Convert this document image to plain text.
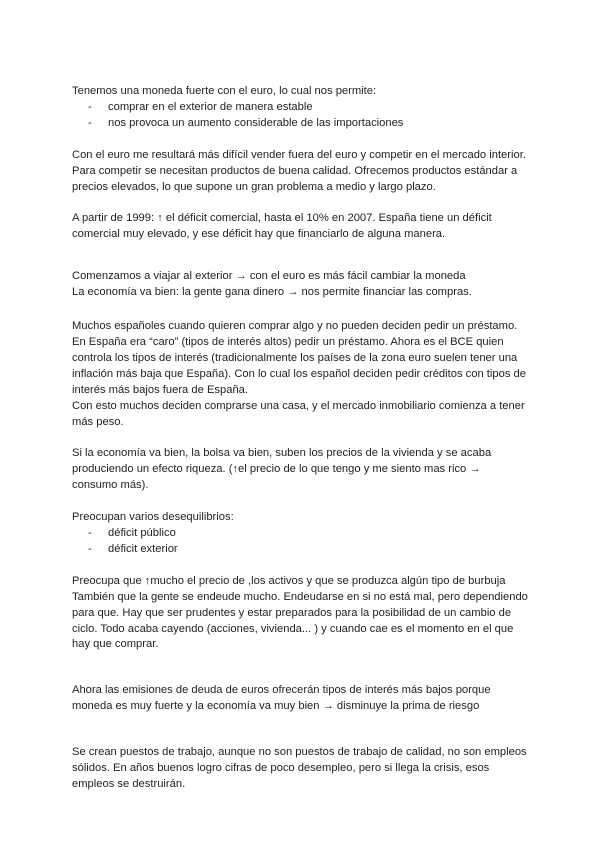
Tenemos una moneda fuerte con el euro, lo cual nos permite:
- comprar en el exterior de manera estable
- nos provoca un aumento considerable de las importaciones
Con el euro me resultará más difícil vender fuera del euro y competir en el mercado interior.
Para competir se necesitan productos de buena calidad. Ofrecemos productos estándar a
precios elevados, lo que supone un gran problema a medio y largo plazo.
A partir de 1999: ↑ el déficit comercial, hasta el 10% en 2007. España tiene un déficit
comercial muy elevado, y ese déficit hay que financiarlo de alguna manera.
Comenzamos a viajar al exterior → con el euro es más fácil cambiar la moneda
La economía va bien: la gente gana dinero → nos permite financiar las compras.
Muchos españoles cuando quieren comprar algo y no pueden deciden pedir un préstamo.
En España era “caro” (tipos de interés altos) pedir un préstamo. Ahora es el BCE quien
controla los tipos de interés (tradicionalmente los países de la zona euro suelen tener una
inflación más baja que España). Con lo cual los español deciden pedir créditos con tipos de
interés más bajos fuera de España.
Con esto muchos deciden comprarse una casa, y el mercado inmobiliario comienza a tener
más peso.
Si la economía va bien, la bolsa va bien, suben los precios de la vivienda y se acaba
produciendo un efecto riqueza. (↑el precio de lo que tengo y me siento mas rico →
consumo más).
Preocupan varios desequilibrios:
- déficit público
- déficit exterior
Preocupa que ↑mucho el precio de ,los activos y que se produzca algún tipo de burbuja
También que la gente se endeude mucho. Endeudarse en si no está mal, pero dependiendo
para que. Hay que ser prudentes y estar preparados para la posibilidad de un cambio de
ciclo. Todo acaba cayendo (acciones, vivienda... ) y cuando cae es el momento en el que
hay que comprar.
Ahora las emisiones de deuda de euros ofrecerán tipos de interés más bajos porque
moneda es muy fuerte y la economía va muy bien → disminuye la prima de riesgo
Se crean puestos de trabajo, aunque no son puestos de trabajo de calidad, no son empleos
sólidos. En años buenos logro cifras de poco desempleo, pero si llega la crisis, esos
empleos se destruirán.
